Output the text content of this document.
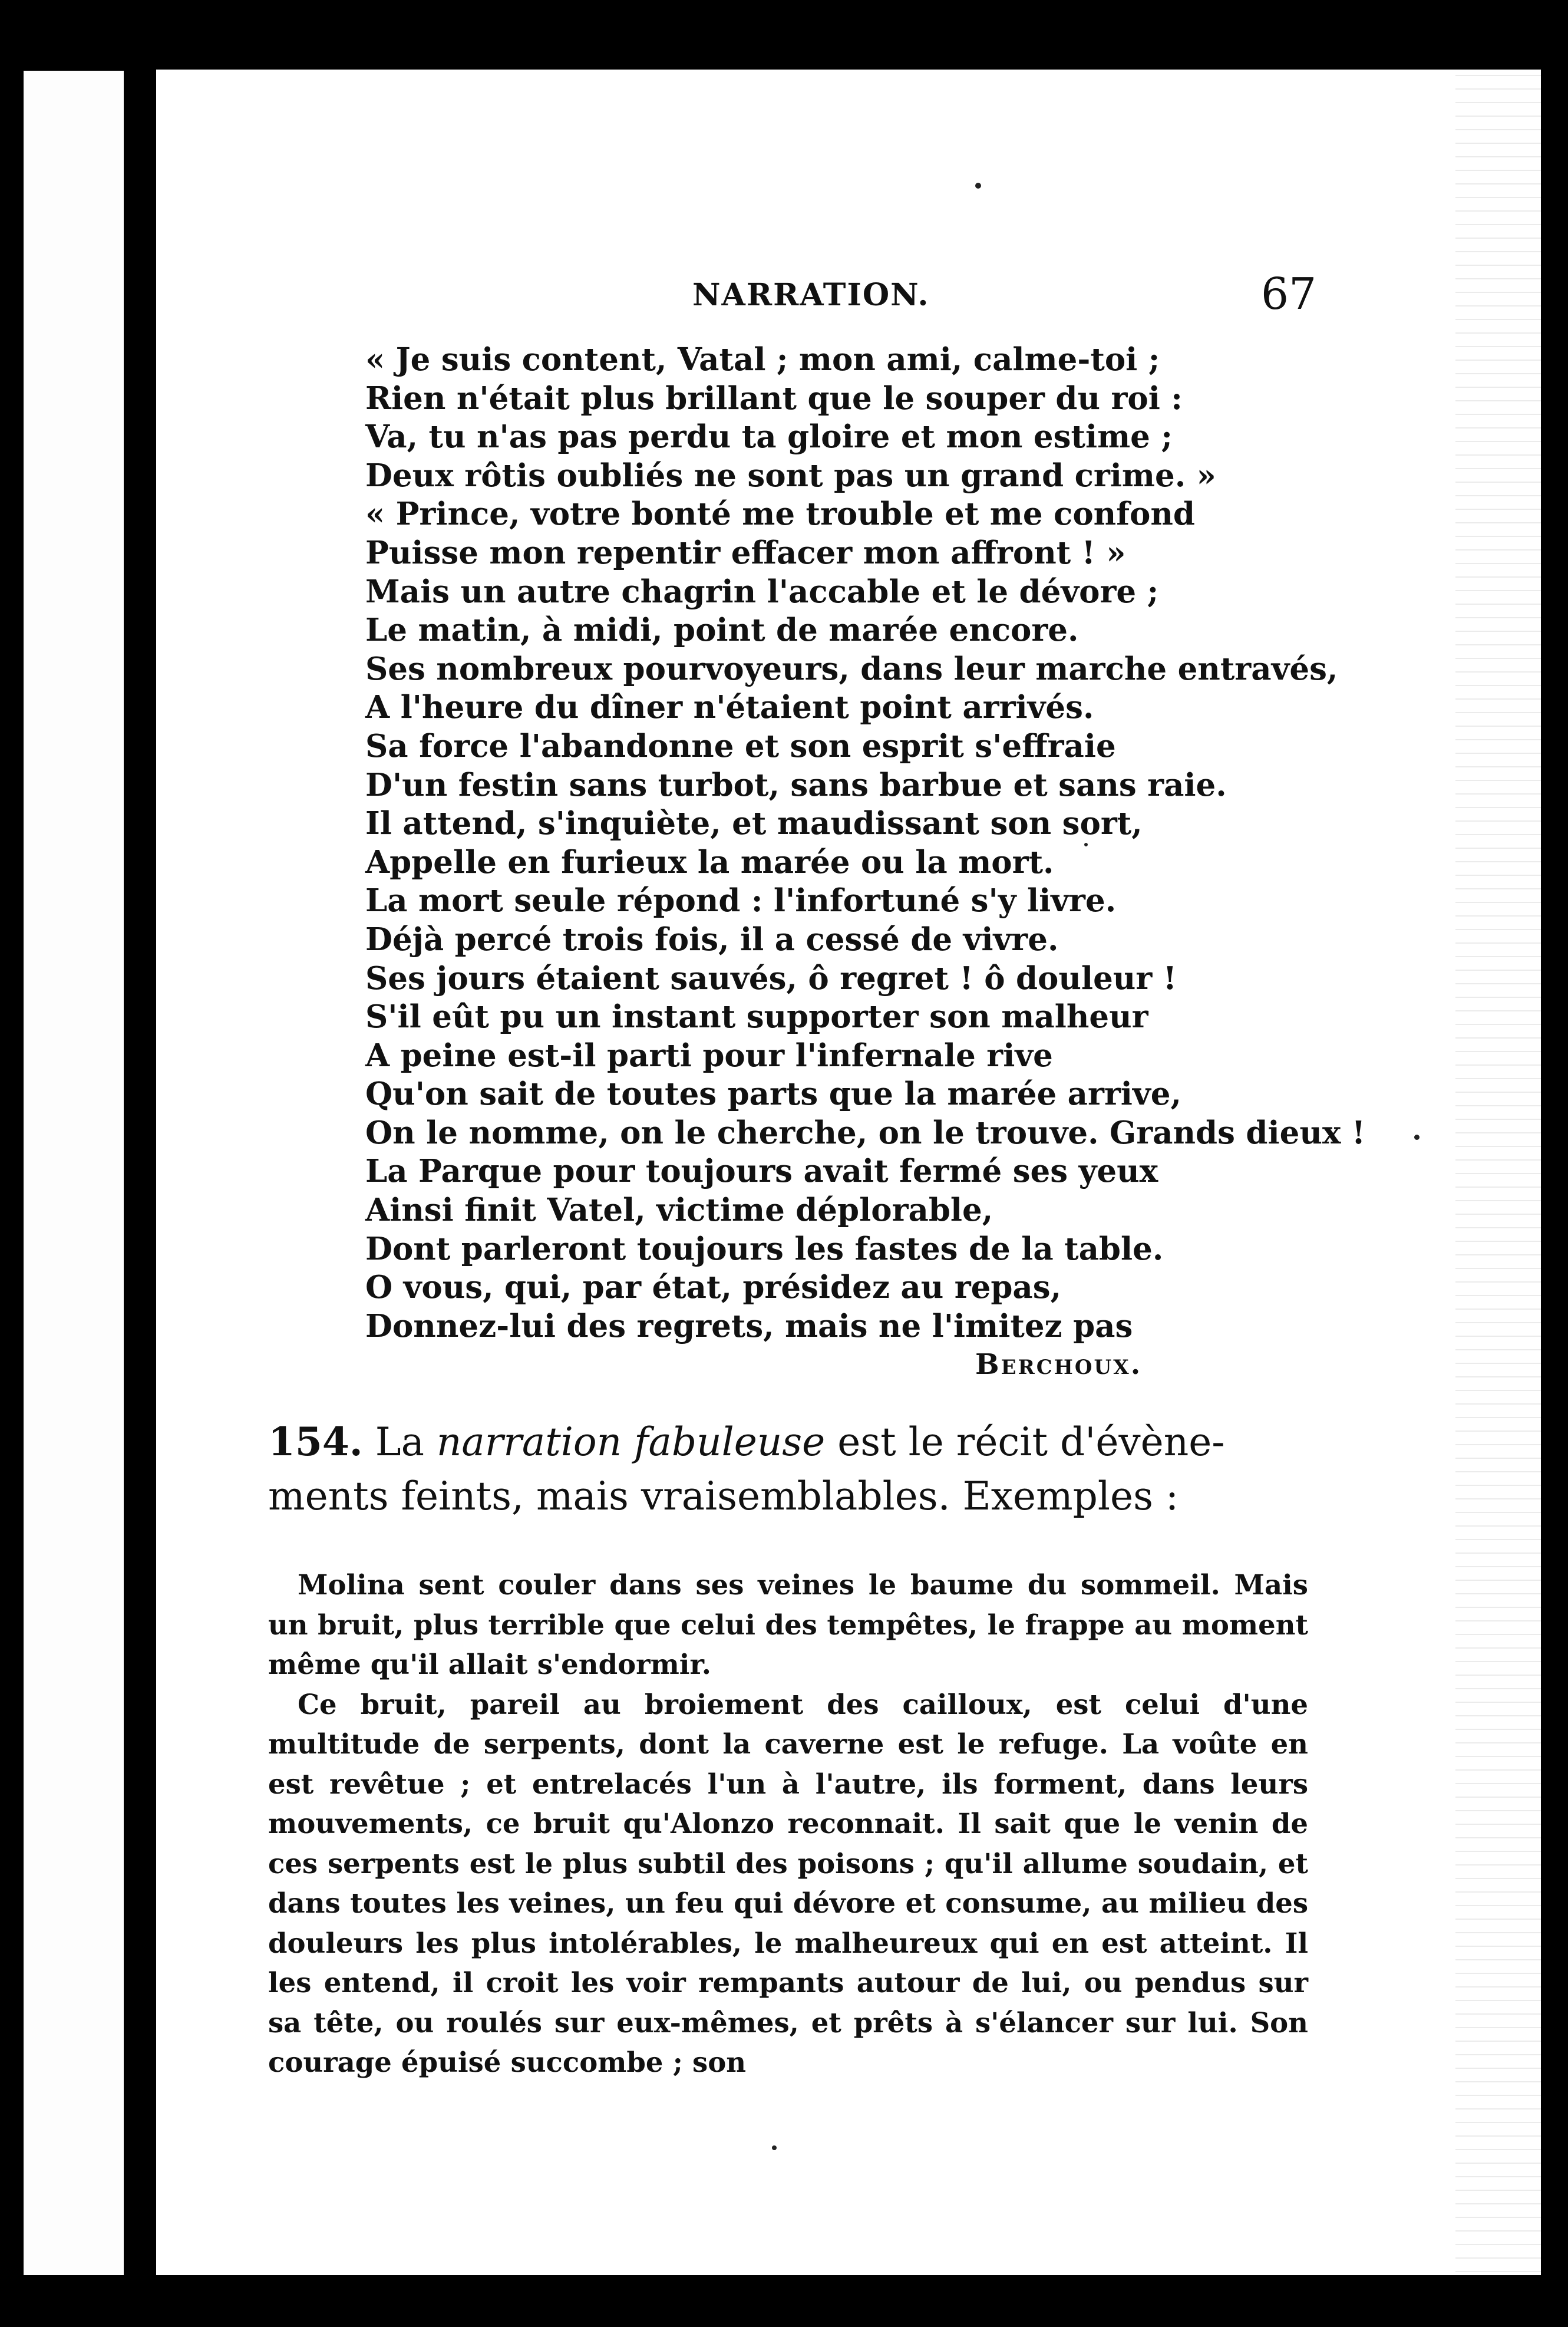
NARRATION.	67
« Je suis content, Vatal ; mon ami, calme-toi ;
Rien n'était plus brillant que le souper du roi :
Va, tu n'as pas perdu ta gloire et mon estime ;
Deux rôtis oubliés ne sont pas un grand crime. »
« Prince, votre bonté me trouble et me confond
Puisse mon repentir effacer mon affront ! »
Mais un autre chagrin l'accable et le dévore ;
Le matin, à midi, point de marée encore.
Ses nombreux pourvoyeurs, dans leur marche entravés,
A l'heure du dîner n'étaient point arrivés.
Sa force l'abandonne et son esprit s'effraie
D'un festin sans turbot, sans barbue et sans raie.
Il attend, s'inquiète, et maudissant son sort,
Appelle en furieux la marée ou la mort.
La mort seule répond : l'infortuné s'y livre.
Déjà percé trois fois, il a cessé de vivre.
Ses jours étaient sauvés, ô regret ! ô douleur !
S'il eût pu un instant supporter son malheur
A peine est-il parti pour l'infernale rive
Qu'on sait de toutes parts que la marée arrive,
On le nomme, on le cherche, on le trouve. Grands dieux !
La Parque pour toujours avait fermé ses yeux
Ainsi finit Vatel, victime déplorable,
Dont parleront toujours les fastes de la table.
O vous, qui, par état, présidez au repas,
Donnez-lui des regrets, mais ne l'imitez pas
Berchoux.

154. La narration fabuleuse est le récit d'évène-

ments feints, mais vraisemblables. Exemples :

Molina sent couler dans ses veines le baume du sommeil. Mais un bruit, plus terrible que celui des tempêtes, le frappe au moment même qu'il allait s'endormir.

Ce bruit, pareil au broiement des cailloux, est celui d'une multitude de serpents, dont la caverne est le refuge. La voûte en est revêtue ; et entrelacés l'un à l'autre, ils forment, dans leurs mouvements, ce bruit qu'Alonzo reconnait. Il sait que le venin de ces serpents est le plus subtil des poisons ; qu'il allume soudain, et dans toutes les veines, un feu qui dévore et consume, au milieu des douleurs les plus intolérables, le malheureux qui en est atteint. Il les entend, il croit les voir rempants autour de lui, ou pendus sur sa tête, ou roulés sur eux-mêmes, et prêts à s'élancer sur lui. Son courage épuisé succombe ; son
